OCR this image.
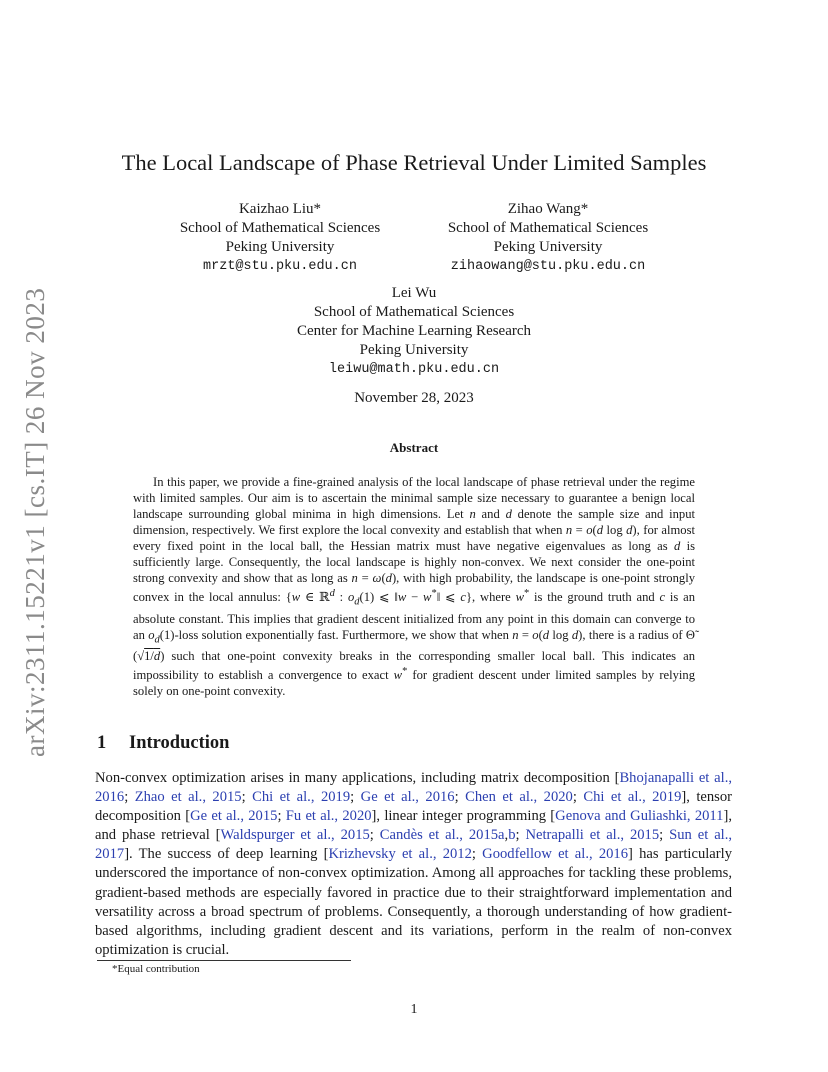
arXiv:2311.15221v1 [cs.IT] 26 Nov 2023
The Local Landscape of Phase Retrieval Under Limited Samples
Kaizhao Liu*
School of Mathematical Sciences
Peking University
mrzt@stu.pku.edu.cn
Zihao Wang*
School of Mathematical Sciences
Peking University
zihaowang@stu.pku.edu.cn
Lei Wu
School of Mathematical Sciences
Center for Machine Learning Research
Peking University
leiwu@math.pku.edu.cn
November 28, 2023
Abstract

In this paper, we provide a fine-grained analysis of the local landscape of phase retrieval under the regime with limited samples. Our aim is to ascertain the minimal sample size necessary to guarantee a benign local landscape surrounding global minima in high dimensions. Let n and d denote the sample size and input dimension, respectively. We first explore the local convexity and establish that when n = o(d log d), for almost every fixed point in the local ball, the Hessian matrix must have negative eigenvalues as long as d is sufficiently large. Consequently, the local landscape is highly non-convex. We next consider the one-point strong convexity and show that as long as n = ω(d), with high probability, the landscape is one-point strongly convex in the local annulus: {w ∈ ℝ$^d$ : $o_d(1)$ ⩽ ‖w − w*‖ ⩽ c}, where w* is the ground truth and c is an absolute constant. This implies that gradient descent initialized from any point in this domain can converge to an $o_d(1)$-loss solution exponentially fast. Furthermore, we show that when n = o(d log d), there is a radius of Θ̃ (√1/d) such that one-point convexity breaks in the corresponding smaller local ball. This indicates an impossibility to establish a convergence to exact w* for gradient descent under limited samples by relying solely on one-point convexity.

1 Introduction

Non-convex optimization arises in many applications, including matrix decomposition [Bhojanapalli et al., 2016; Zhao et al., 2015; Chi et al., 2019; Ge et al., 2016; Chen et al., 2020; Chi et al., 2019], tensor decomposition [Ge et al., 2015; Fu et al., 2020], linear integer programming [Genova and Guliashki, 2011], and phase retrieval [Waldspurger et al., 2015; Candès et al., 2015a,b; Netrapalli et al., 2015; Sun et al., 2017]. The success of deep learning [Krizhevsky et al., 2012; Goodfellow et al., 2016] has particularly underscored the importance of non-convex optimization. Among all approaches for tackling these problems, gradient-based methods are especially favored in practice due to their straightforward implementation and versatility across a broad spectrum of problems. Consequently, a thorough understanding of how gradient-based algorithms, including gradient descent and its variations, perform in the realm of non-convex optimization is crucial.

*Equal contribution
1
